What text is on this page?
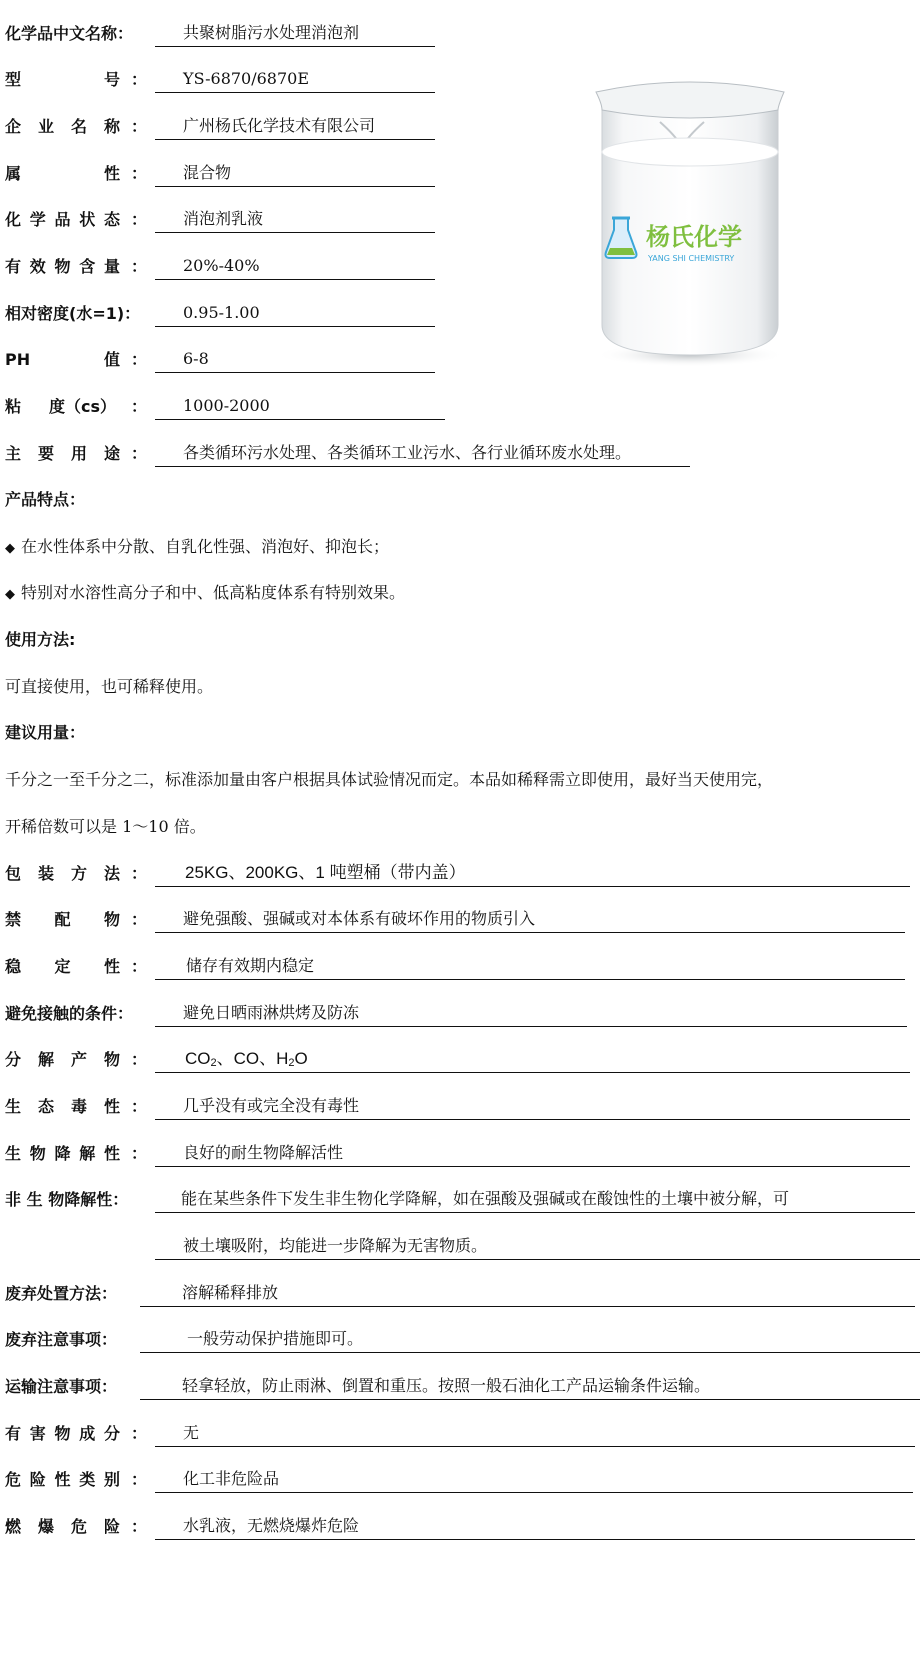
化学品中文名称：	共聚树脂污水处理消泡剂
型	号 ：	YS-6870/6870E
企 业 名 称 ：	广州杨氏化学技术有限公司
属	性 ：	混合物
化 学 品 状 态 ：	消泡剂乳液
有 效 物 含 量 ：	20%-40%
相对密度(水=1)：	0.95-1.00
PH	值 ：	6-8
粘 度（cs） ：	1000-2000
主 要 用 途 ：	各类循环污水处理、各类循环工业污水、各行业循环废水处理。
杨氏化学
YANG SHI CHEMISTRY
产品特点：
◆ 在水性体系中分散、自乳化性强、消泡好、抑泡长；
◆ 特别对水溶性高分子和中、低高粘度体系有特别效果。
使用方法:
可直接使用，也可稀释使用。
建议用量：
千分之一至千分之二，标准添加量由客户根据具体试验情况而定。本品如稀释需立即使用，最好当天使用完，
开稀倍数可以是 1～10 倍。
包 装 方 法 ：	25KG、200KG、1 吨塑桶（带内盖）
禁 配 物 ：	避免强酸、强碱或对本体系有破坏作用的物质引入
稳 定 性 ：	储存有效期内稳定
避免接触的条件：	避免日晒雨淋烘烤及防冻
分 解 产 物 ：	$CO_2$、CO、$H_2O$
生 态 毒 性 ：	几乎没有或完全没有毒性
生 物 降 解 性 ：	良好的耐生物降解活性
非 生 物降解性：	能在某些条件下发生非生物化学降解，如在强酸及强碱或在酸蚀性的土壤中被分解，可
被土壤吸附，均能进一步降解为无害物质。
废弃处置方法：	溶解稀释排放
废弃注意事项：	一般劳动保护措施即可。
运输注意事项：	轻拿轻放，防止雨淋、倒置和重压。按照一般石油化工产品运输条件运输。
有 害 物 成 分 ：	无
危 险 性 类 别 ：	化工非危险品
燃 爆 危 险 ：	水乳液，无燃烧爆炸危险
